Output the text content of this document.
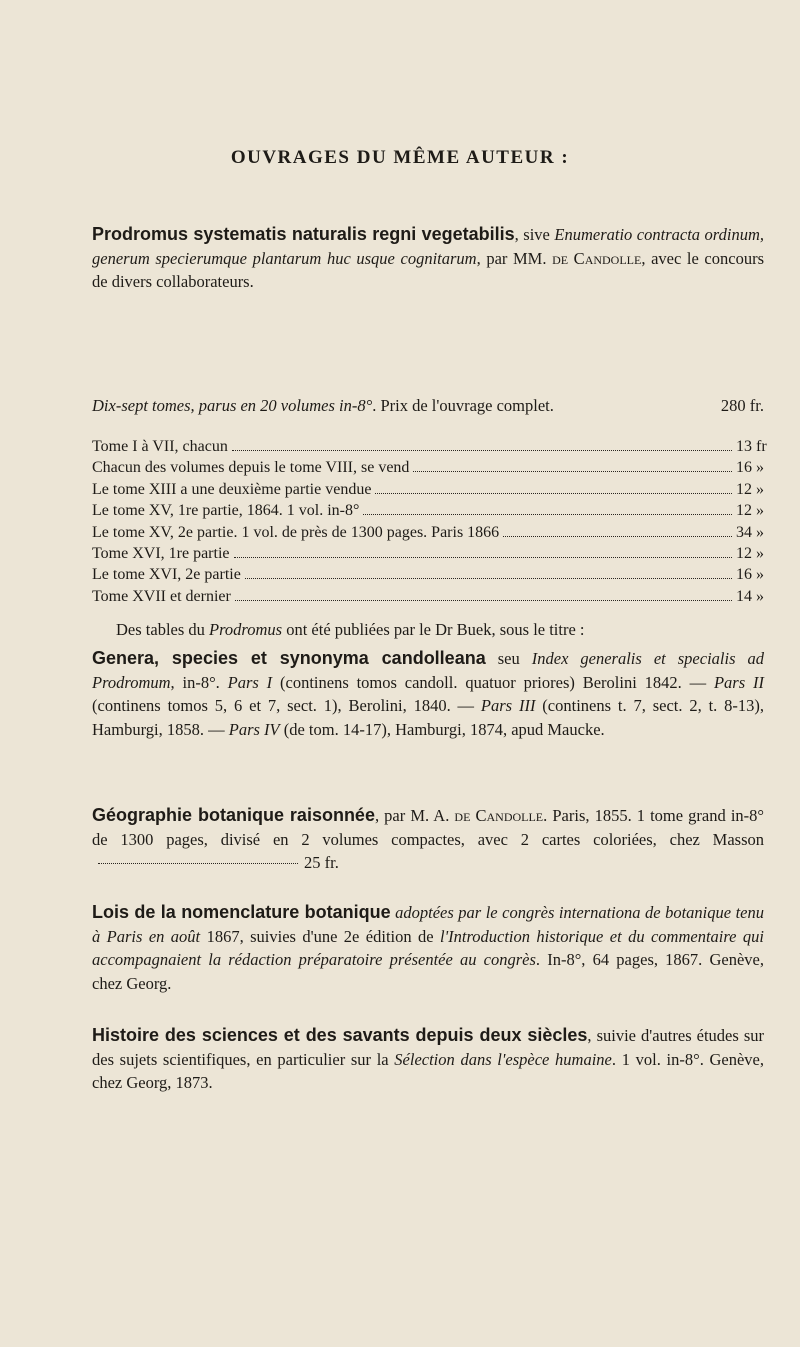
OUVRAGES DU MÊME AUTEUR :
Prodromus systematis naturalis regni vegetabilis, sive Enumeratio contracta ordinum, generum specierumque plantarum huc usque cognitarum, par MM. de Candolle, avec le concours de divers collaborateurs.
Dix-sept tomes, parus en 20 volumes in-8°. Prix de l'ouvrage complet.	280 fr.
Tome I à VII, chacun	13 fr
Chacun des volumes depuis le tome VIII, se vend	16 »
Le tome XIII a une deuxième partie vendue	12 »
Le tome XV, 1re partie, 1864. 1 vol. in-8°	12 »
Le tome XV, 2e partie. 1 vol. de près de 1300 pages. Paris 1866	34 »
Tome XVI, 1re partie	12 »
Le tome XVI, 2e partie	16 »
Tome XVII et dernier	14 »
Des tables du Prodromus ont été publiées par le Dr Buek, sous le titre :
Genera, species et synonyma candolleana seu Index generalis et specialis ad Prodromum, in-8°. Pars I (continens tomos candoll. quatuor priores) Berolini 1842. — Pars II (continens tomos 5, 6 et 7, sect. 1), Berolini, 1840. — Pars III (continens t. 7, sect. 2, t. 8-13), Hamburgi, 1858. — Pars IV (de tom. 14-17), Hamburgi, 1874, apud Maucke.
Géographie botanique raisonnée, par M. A. de Candolle. Paris, 1855. 1 tome grand in-8° de 1300 pages, divisé en 2 volumes compactes, avec 2 cartes coloriées, chez Masson25 fr.
Lois de la nomenclature botanique adoptées par le congrès internationa de botanique tenu à Paris en août 1867, suivies d'une 2e édition de l'Introduction historique et du commentaire qui accompagnaient la rédaction préparatoire présentée au congrès. In-8°, 64 pages, 1867. Genève, chez Georg.
Histoire des sciences et des savants depuis deux siècles, suivie d'autres études sur des sujets scientifiques, en particulier sur la Sélection dans l'espèce humaine. 1 vol. in-8°. Genève, chez Georg, 1873.
